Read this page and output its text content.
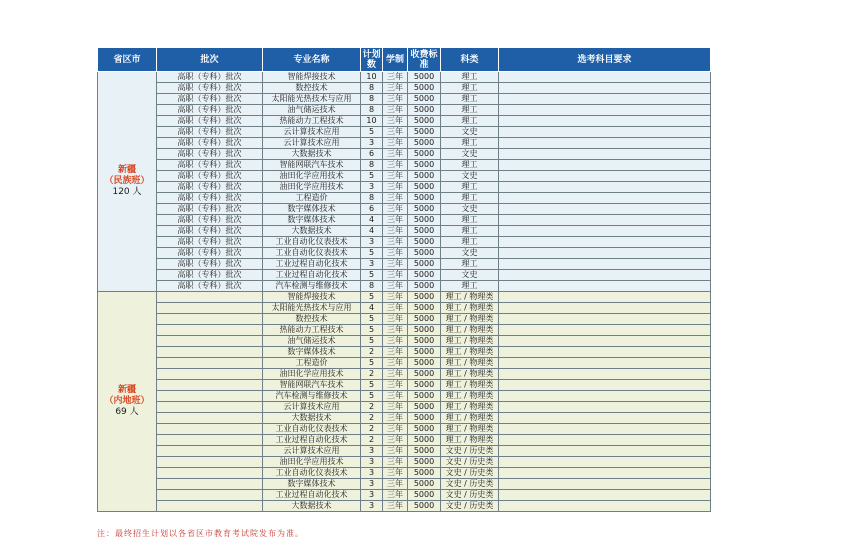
省区市	批次	专业名称	计划数	学制	收费标准	科类	选考科目要求

新疆
（民族班）
120 人	高职（专科）批次	智能焊接技术	10	三年	5000	理工	
	高职（专科）批次	数控技术	8	三年	5000	理工	
	高职（专科）批次	太阳能光热技术与应用	8	三年	5000	理工	
	高职（专科）批次	油气储运技术	8	三年	5000	理工	
	高职（专科）批次	热能动力工程技术	10	三年	5000	理工	
	高职（专科）批次	云计算技术应用	5	三年	5000	文史	
	高职（专科）批次	云计算技术应用	3	三年	5000	理工	
	高职（专科）批次	大数据技术	6	三年	5000	文史	
	高职（专科）批次	智能网联汽车技术	8	三年	5000	理工	
	高职（专科）批次	油田化学应用技术	5	三年	5000	文史	
	高职（专科）批次	油田化学应用技术	3	三年	5000	理工	
	高职（专科）批次	工程造价	8	三年	5000	理工	
	高职（专科）批次	数字媒体技术	6	三年	5000	文史	
	高职（专科）批次	数字媒体技术	4	三年	5000	理工	
	高职（专科）批次	大数据技术	4	三年	5000	理工	
	高职（专科）批次	工业自动化仪表技术	3	三年	5000	理工	
	高职（专科）批次	工业自动化仪表技术	5	三年	5000	文史	
	高职（专科）批次	工业过程自动化技术	3	三年	5000	理工	
	高职（专科）批次	工业过程自动化技术	5	三年	5000	文史	
	高职（专科）批次	汽车检测与维修技术	8	三年	5000	理工	

新疆
（内地班）
69 人		智能焊接技术	5	三年	5000	理工 / 物理类	
		太阳能光热技术与应用	4	三年	5000	理工 / 物理类	
		数控技术	5	三年	5000	理工 / 物理类	
		热能动力工程技术	5	三年	5000	理工 / 物理类	
		油气储运技术	5	三年	5000	理工 / 物理类	
		数字媒体技术	2	三年	5000	理工 / 物理类	
		工程造价	5	三年	5000	理工 / 物理类	
		油田化学应用技术	2	三年	5000	理工 / 物理类	
		智能网联汽车技术	5	三年	5000	理工 / 物理类	
		汽车检测与维修技术	5	三年	5000	理工 / 物理类	
		云计算技术应用	2	三年	5000	理工 / 物理类	
		大数据技术	2	三年	5000	理工 / 物理类	
		工业自动化仪表技术	2	三年	5000	理工 / 物理类	
		工业过程自动化技术	2	三年	5000	理工 / 物理类	
		云计算技术应用	3	三年	5000	文史 / 历史类	
		油田化学应用技术	3	三年	5000	文史 / 历史类	
		工业自动化仪表技术	3	三年	5000	文史 / 历史类	
		数字媒体技术	3	三年	5000	文史 / 历史类	
		工业过程自动化技术	3	三年	5000	文史 / 历史类	
		大数据技术	3	三年	5000	文史 / 历史类	
注：最终招生计划以各省区市教育考试院发布为准。
